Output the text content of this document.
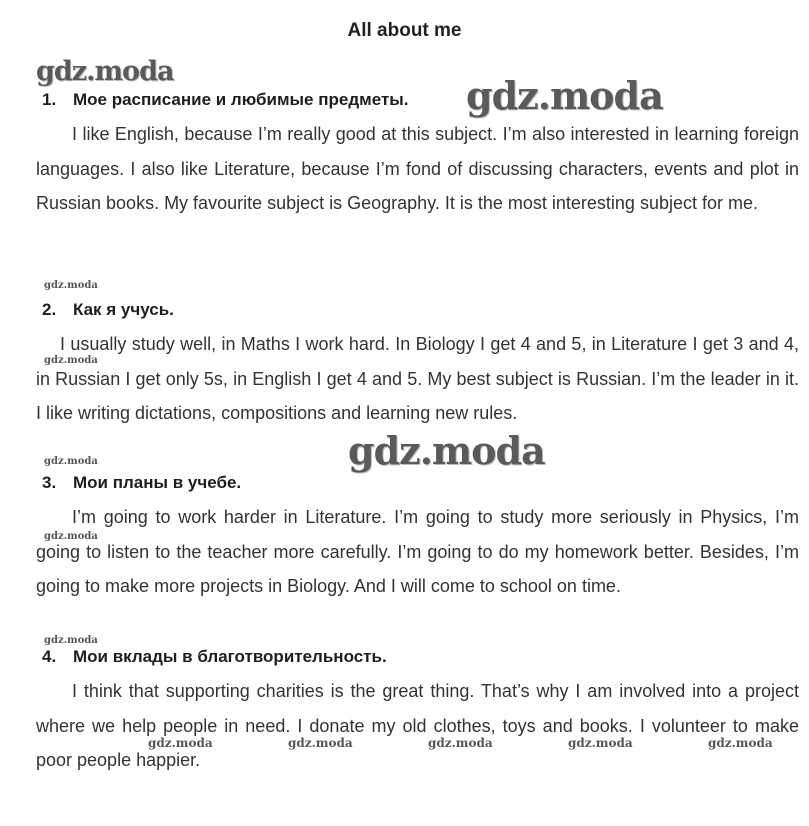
All about me
1. Мое расписание и любимые предметы.
I like English, because I’m really good at this subject. I’m also interested in learning foreign languages. I also like Literature, because I’m fond of discussing characters, events and plot in Russian books. My favourite subject is Geography. It is the most interesting subject for me.
2. Как я учусь.
I usually study well, in Maths I work hard. In Biology I get 4 and 5, in Literature I get 3 and 4, in Russian I get only 5s, in English I get 4 and 5. My best subject is Russian. I’m the leader in it. I like writing dictations, compositions and learning new rules.
3. Мои планы в учебе.
I’m going to work harder in Literature. I’m going to study more seriously in Physics, I’m going to listen to the teacher more carefully. I’m going to do my homework better. Besides, I’m going to make more projects in Biology. And I will come to school on time.
4. Мои вклады в благотворительность.
I think that supporting charities is the great thing. That’s why I am involved into a project where we help people in need. I donate my old clothes, toys and books. I volunteer to make poor people happier.
gdz.moda
gdz.moda
gdz.moda
gdz.moda
gdz.moda
gdz.moda
gdz.moda
gdz.moda
gdz.moda	gdz.moda	gdz.moda	gdz.moda	gdz.moda
